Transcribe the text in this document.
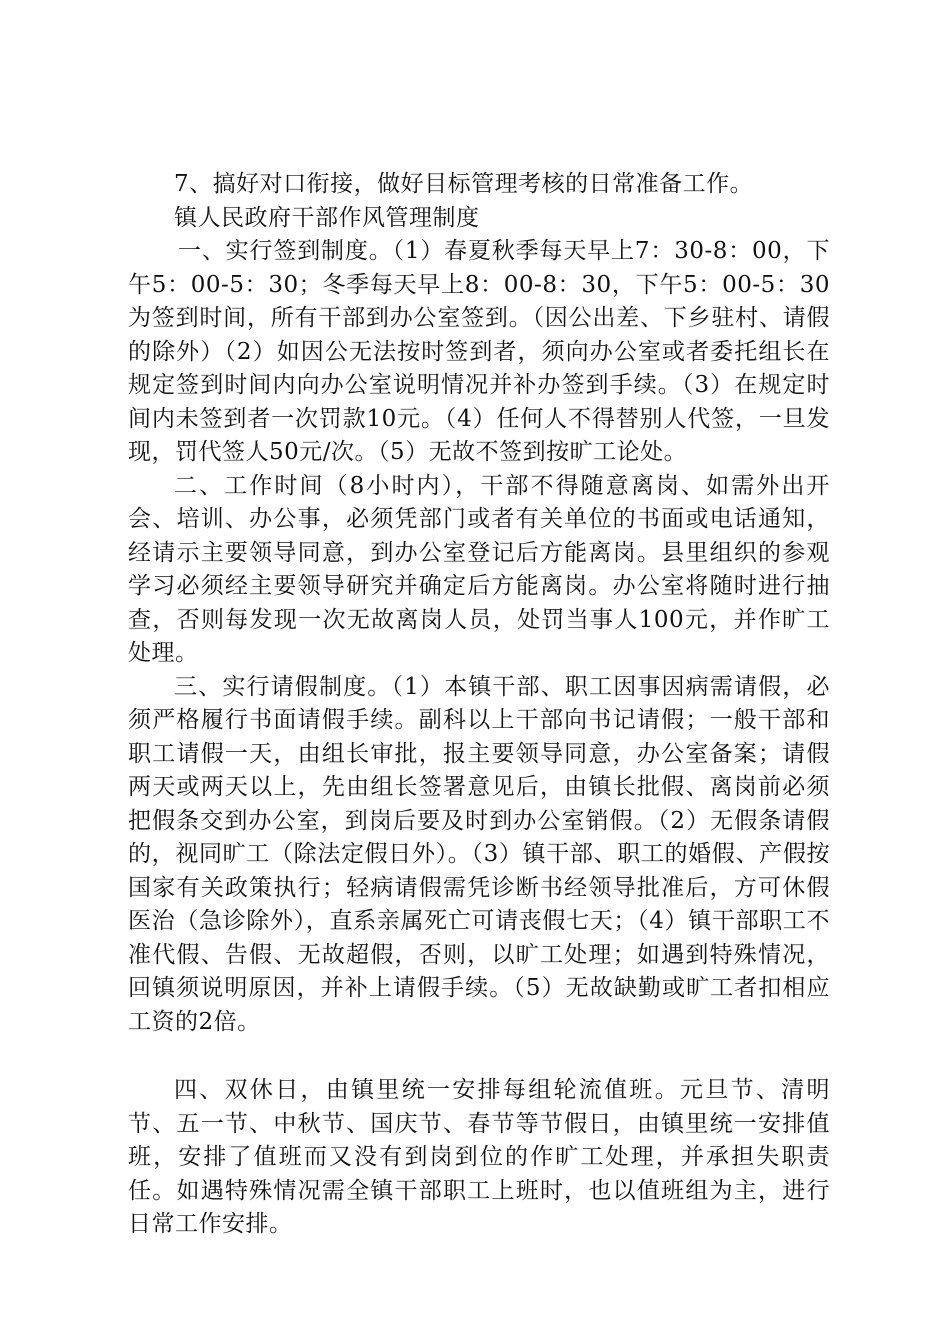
7、搞好对口衔接，做好目标管理考核的日常准备工作。

镇人民政府干部作风管理制度

一、实行签到制度。（1）春夏秋季每天早上7：30-8：00，下午5：00-5：30；冬季每天早上8：00-8：30，下午5：00-5：30为签到时间，所有干部到办公室签到。（因公出差、下乡驻村、请假的除外）（2）如因公无法按时签到者，须向办公室或者委托组长在规定签到时间内向办公室说明情况并补办签到手续。（3）在规定时间内未签到者一次罚款10元。（4）任何人不得替别人代签，一旦发现，罚代签人50元/次。（5）无故不签到按旷工论处。

二、工作时间（8小时内），干部不得随意离岗、如需外出开会、培训、办公事，必须凭部门或者有关单位的书面或电话通知，经请示主要领导同意，到办公室登记后方能离岗。县里组织的参观学习必须经主要领导研究并确定后方能离岗。办公室将随时进行抽查，否则每发现一次无故离岗人员，处罚当事人100元，并作旷工处理。

三、实行请假制度。（1）本镇干部、职工因事因病需请假，必须严格履行书面请假手续。副科以上干部向书记请假；一般干部和职工请假一天，由组长审批，报主要领导同意，办公室备案；请假两天或两天以上，先由组长签署意见后，由镇长批假、离岗前必须把假条交到办公室，到岗后要及时到办公室销假。（2）无假条请假的，视同旷工（除法定假日外）。（3）镇干部、职工的婚假、产假按国家有关政策执行；轻病请假需凭诊断书经领导批准后，方可休假医治（急诊除外），直系亲属死亡可请丧假七天；（4）镇干部职工不准代假、告假、无故超假，否则，以旷工处理；如遇到特殊情况，回镇须说明原因，并补上请假手续。（5）无故缺勤或旷工者扣相应工资的2倍。

四、双休日，由镇里统一安排每组轮流值班。元旦节、清明节、五一节、中秋节、国庆节、春节等节假日，由镇里统一安排值班，安排了值班而又没有到岗到位的作旷工处理，并承担失职责任。如遇特殊情况需全镇干部职工上班时，也以值班组为主，进行日常工作安排。
